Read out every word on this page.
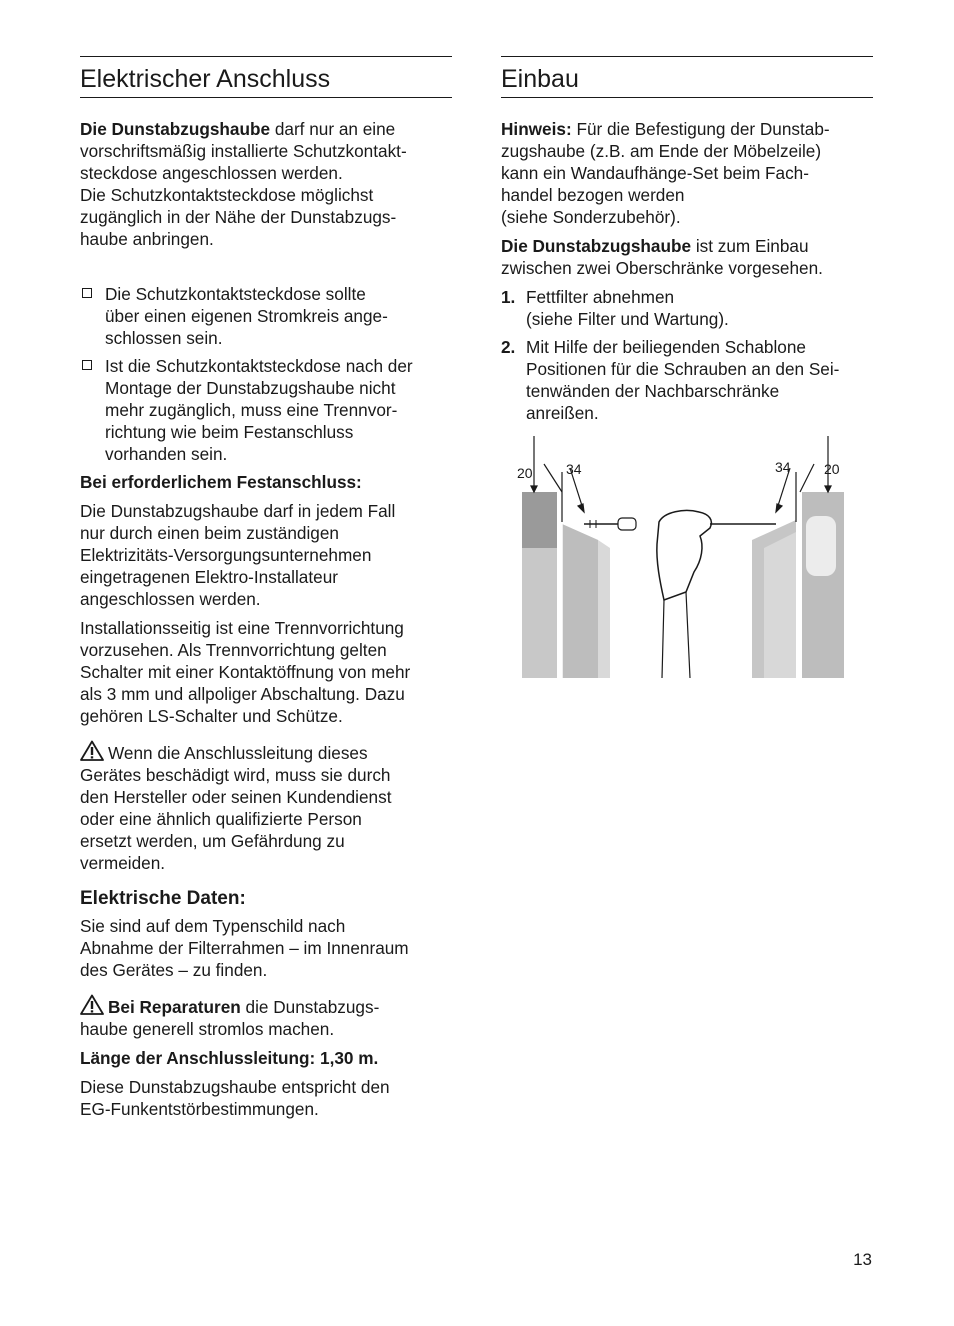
Elektrischer Anschluss

Die Dunstabzugshaube darf nur an eine
vorschriftsmäßig installierte Schutzkontakt-
steckdose angeschlossen werden.
Die Schutzkontaktsteckdose möglichst
zugänglich in der Nähe der Dunstabzugs-
haube anbringen.

Die Schutzkontaktsteckdose sollte
über einen eigenen Stromkreis ange-
schlossen sein.
Ist die Schutzkontaktsteckdose nach der
Montage der Dunstabzugshaube nicht
mehr zugänglich, muss eine Trennvor-
richtung wie beim Festanschluss
vorhanden sein.

Bei erforderlichem Festanschluss:

Die Dunstabzugshaube darf in jedem Fall
nur durch einen beim zuständigen
Elektrizitäts-Versorgungsunternehmen
eingetragenen Elektro-Installateur
angeschlossen werden.

Installationsseitig ist eine Trennvorrichtung
vorzusehen. Als Trennvorrichtung gelten
Schalter mit einer Kontaktöffnung von mehr
als 3 mm und allpoliger Abschaltung. Dazu
gehören LS-Schalter und Schütze.

Wenn die Anschlussleitung dieses
Gerätes beschädigt wird, muss sie durch
den Hersteller oder seinen Kundendienst
oder eine ähnlich qualifizierte Person
ersetzt werden, um Gefährdung zu
vermeiden.

Elektrische Daten:

Sie sind auf dem Typenschild nach
Abnahme der Filterrahmen – im Innenraum
des Gerätes – zu finden.

Bei Reparaturen die Dunstabzugs-
haube generell stromlos machen.

Länge der Anschlussleitung: 1,30 m.

Diese Dunstabzugshaube entspricht den
EG-Funkentstörbestimmungen.

Einbau

Hinweis: Für die Befestigung der Dunstab-
zugshaube (z.B. am Ende der Möbelzeile)
kann ein Wandaufhänge-Set beim Fach-
handel bezogen werden
(siehe Sonderzubehör).

Die Dunstabzugshaube ist zum Einbau
zwischen zwei Oberschränke vorgesehen.

1. Fettfilter abnehmen
(siehe Filter und Wartung).
2. Mit Hilfe der beiliegenden Schablone
Positionen für die Schrauben an den Sei-
tenwänden der Nachbarschränke
anreißen.
20 34	34 20
13
